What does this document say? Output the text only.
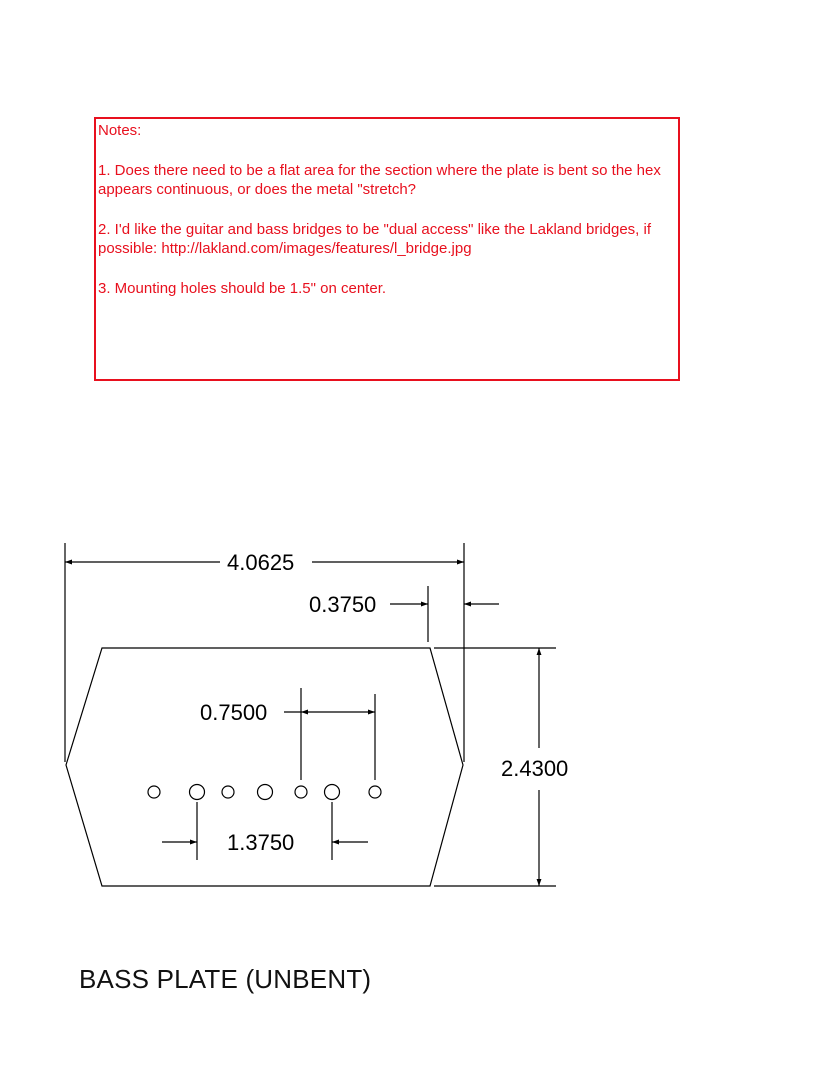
Notes:

1. Does there need to be a flat area for the section where the plate is bent so the hex appears continuous, or does the metal "stretch?

2. I'd like the guitar and bass bridges to be "dual access" like the Lakland bridges, if possible: http://lakland.com/images/features/l_bridge.jpg

3. Mounting holes should be 1.5" on center.

4.0625
0.3750
0.7500
1.3750
2.4300
BASS PLATE (UNBENT)
